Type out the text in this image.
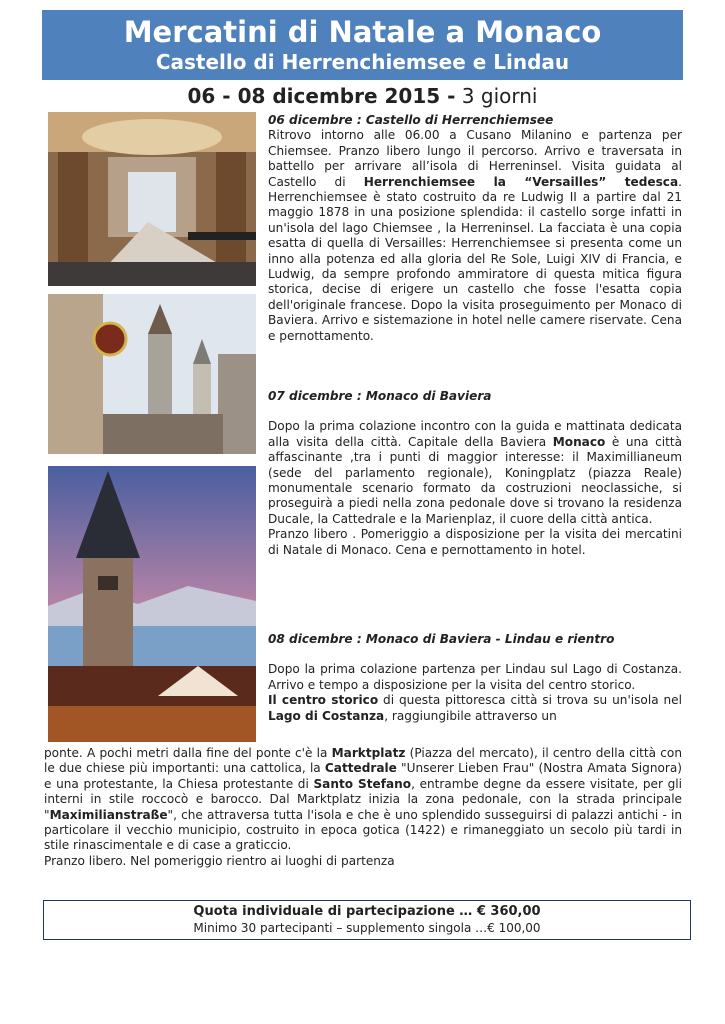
Mercatini di Natale a Monaco
Castello di Herrenchiemsee e Lindau
06 - 08 dicembre 2015 - 3 giorni

06 dicembre : Castello di Herrenchiemsee

Ritrovo intorno alle 06.00 a Cusano Milanino e partenza per Chiemsee. Pranzo libero lungo il percorso. Arrivo e traversata in battello per arrivare all’isola di Herreninsel. Visita guidata al Castello di Herrenchiemsee la “Versailles” tedesca. Herrenchiemsee è stato costruito da re Ludwig II a partire dal 21 maggio 1878 in una posizione splendida: il castello sorge infatti in un'isola del lago Chiemsee , la Herreninsel. La facciata è una copia esatta di quella di Versailles: Herrenchiemsee si presenta come un inno alla potenza ed alla gloria del Re Sole, Luigi XIV di Francia, e Ludwig, da sempre profondo ammiratore di questa mitica figura storica, decise di erigere un castello che fosse l'esatta copia dell'originale francese. Dopo la visita proseguimento per Monaco di Baviera. Arrivo e sistemazione in hotel nelle camere riservate. Cena e pernottamento.

07 dicembre : Monaco di Baviera

Dopo la prima colazione incontro con la guida e mattinata dedicata alla visita della città. Capitale della Baviera Monaco è una città affascinante ,tra i punti di maggior interesse: il Maximillianeum (sede del parlamento regionale), Koningplatz (piazza Reale) monumentale scenario formato da costruzioni neoclassiche, si proseguirà a piedi nella zona pedonale dove si trovano la residenza Ducale, la Cattedrale e la Marienplaz, il cuore della città antica.

Pranzo libero . Pomeriggio a disposizione per la visita dei mercatini di Natale di Monaco. Cena e pernottamento in hotel.

08 dicembre : Monaco di Baviera - Lindau e rientro

Dopo la prima colazione partenza per Lindau sul Lago di Costanza. Arrivo e tempo a disposizione per la visita del centro storico.

Il centro storico di questa pittoresca città si trova su un'isola nel Lago di Costanza, raggiungibile attraverso un

ponte. A pochi metri dalla fine del ponte c'è la Marktplatz (Piazza del mercato), il centro della città con le due chiese più importanti: una cattolica, la Cattedrale "Unserer Lieben Frau" (Nostra Amata Signora) e una protestante, la Chiesa protestante di Santo Stefano, entrambe degne da essere visitate, per gli interni in stile roccocò e barocco. Dal Marktplatz inizia la zona pedonale, con la strada principale "Maximilianstraße", che attraversa tutta l'isola e che è uno splendido susseguirsi di palazzi antichi - in particolare il vecchio municipio, costruito in epoca gotica (1422) e rimaneggiato un secolo più tardi in stile rinascimentale e di case a graticcio.

Pranzo libero. Nel pomeriggio rientro ai luoghi di partenza

Quota individuale di partecipazione … € 360,00
Minimo 30 partecipanti – supplemento singola …€ 100,00
